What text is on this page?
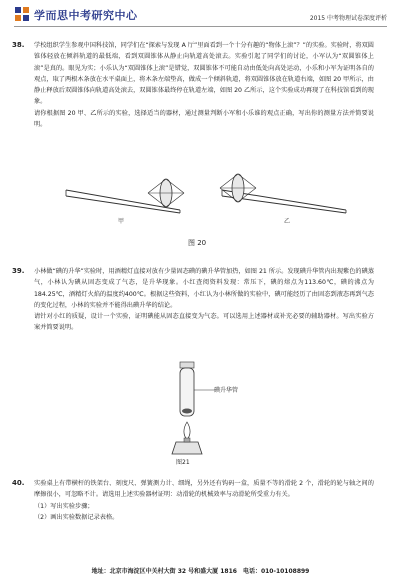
学而思中考研究中心	2015 中考物理试卷深度评析
38. 学校组织学生参观中国科技馆，同学们在“探索与发现 A 厅”里面看到一个十分有趣的“物体上滚”？”的实验。实验时，将双圆锥体轻放在倾斜轨道的最低端，看到双圆锥体从静止向轨道高处滚去。实验引起了同学们的讨论，小军认为“双圆锥体上滚”是真的。眼见为实；小乐认为“双圆锥体上滚”是错觉，双圆锥体不可能自动由低处向高处运动，小乐和小军为证明各自的观点，取了两根木条放在水平桌面上，将木条左端垫高，做成一个倾斜轨道，将双圆锥体放在轨道右端，如图 20 甲所示，由静止释放后双圆锥体向轨道高处滚去，双圆锥体最终停在轨道左端，如图 20 乙所示，这个实验成功再现了在科技馆看到的现象。

请你根据图 20 甲、乙所示的实验，选择适当的器材，通过测量判断小军和小乐谁的观点正确，写出你的测量方法并简要说明。

甲	乙
图 20
39. 小林做“碘的升华”实验时，用酒精灯直接对放有少量固态碘的碘升华管加热，如图 21 所示。发现碘升华管内出现紫色的碘蒸气，小林认为碘从固态变成了气态，是升华现象。小红查阅资料发现：常压下，碘的熔点为113.60℃，碘的沸点为184.25℃，酒精灯火焰的温度约400℃。根据这些资料，小红认为小林所做的实验中，碘可能经历了由固态到液态再到气态的变化过程，小林的实验并不能得出碘升华的结论。

请针对小红的质疑，设计一个实验，证明碘能从固态直接变为气态。可以选用上述器材或补充必要的辅助器材。写出实验方案并简要说明。

碘升华管
图21
40. 实验桌上有带横杆的铁架台、刻度尺、弹簧测力计、细绳，另外还有钩码一盒，质量不等的滑轮 2 个，滑轮的轮与轴之间的摩擦很小，可忽略不计。请选用上述实验器材证明：动滑轮的机械效率与动滑轮所受重力有关。

（1）写出实验步骤；

（2）画出实验数据记录表格。

地址：北京市海淀区中关村大街 32 号和盛大厦 1816　电话：010-10108899
